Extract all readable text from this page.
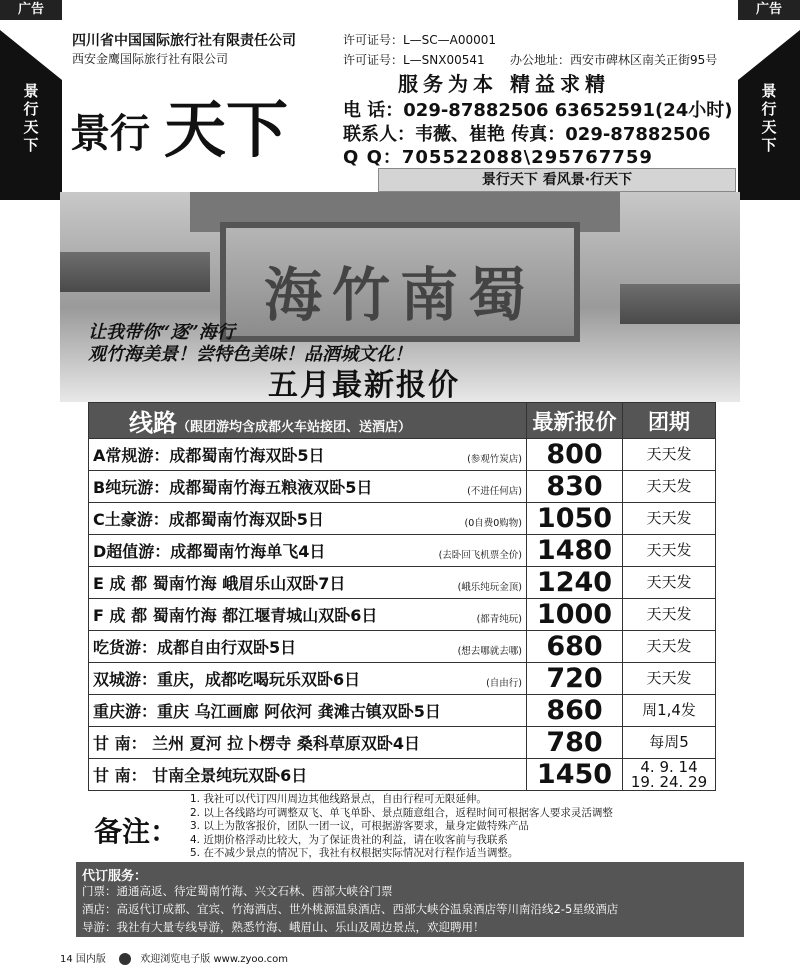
广告	广告
景行天下
景行天下
四川省中国国际旅行社有限责任公司
西安金鹰国际旅行社有限公司
许可证号：L—SC—A00001
许可证号：L—SNX00541 办公地址：西安市碑林区南关正街95号
景行 天下
服务为本 精益求精
电 话：029-87882506 63652591(24小时)
联系人：韦薇、崔艳 传真：029-87882506
Q Q：705522088\295767759
景行天下 看风景·行天下
海竹南蜀
让我带你“逐”海行
观竹海美景！尝特色美味！品酒城文化！
五月最新报价
线路（跟团游均含成都火车站接团、送酒店）	最新报价	团期
A常规游：成都蜀南竹海双卧5日 (参观竹炭店)	800	天天发
B纯玩游：成都蜀南竹海五粮液双卧5日 (不进任何店)	830	天天发
C土豪游：成都蜀南竹海双卧5日 (0自费0购物)	1050	天天发
D超值游：成都蜀南竹海单飞4日 (去卧回飞机票全价)	1480	天天发
E 成 都 蜀南竹海 峨眉乐山双卧7日 (峨乐纯玩金顶)	1240	天天发
F 成 都 蜀南竹海 都江堰青城山双卧6日 (都青纯玩)	1000	天天发
吃货游：成都自由行双卧5日 (想去哪就去哪)	680	天天发
双城游：重庆，成都吃喝玩乐双卧6日 (自由行)	720	天天发
重庆游：重庆 乌江画廊 阿依河 龚滩古镇双卧5日	860	周1,4发
甘 南： 兰州 夏河 拉卜楞寺 桑科草原双卧4日	780	每周5
甘 南： 甘南全景纯玩双卧6日	1450	4. 9. 14
19. 24. 29
备注：
1. 我社可以代订四川周边其他线路景点，自由行程可无限延伸。
2. 以上各线路均可调整双飞、单飞单卧、景点随意组合，返程时间可根据客人要求灵活调整
3. 以上为散客报价，团队一团一议，可根据游客要求，量身定做特殊产品
4. 近期价格浮动比较大，为了保证贵社的利益，请在收客前与我联系
5. 在不减少景点的情况下，我社有权根据实际情况对行程作适当调整。
代订服务：
门票：通通高返、待定蜀南竹海、兴文石林、西部大峡谷门票
酒店：高返代订成都、宜宾、竹海酒店、世外桃源温泉酒店、西部大峡谷温泉酒店等川南沿线2-5星级酒店
导游：我社有大量专线导游，熟悉竹海、峨眉山、乐山及周边景点，欢迎聘用！
14 国内版	欢迎浏览电子版 www.zyoo.com
